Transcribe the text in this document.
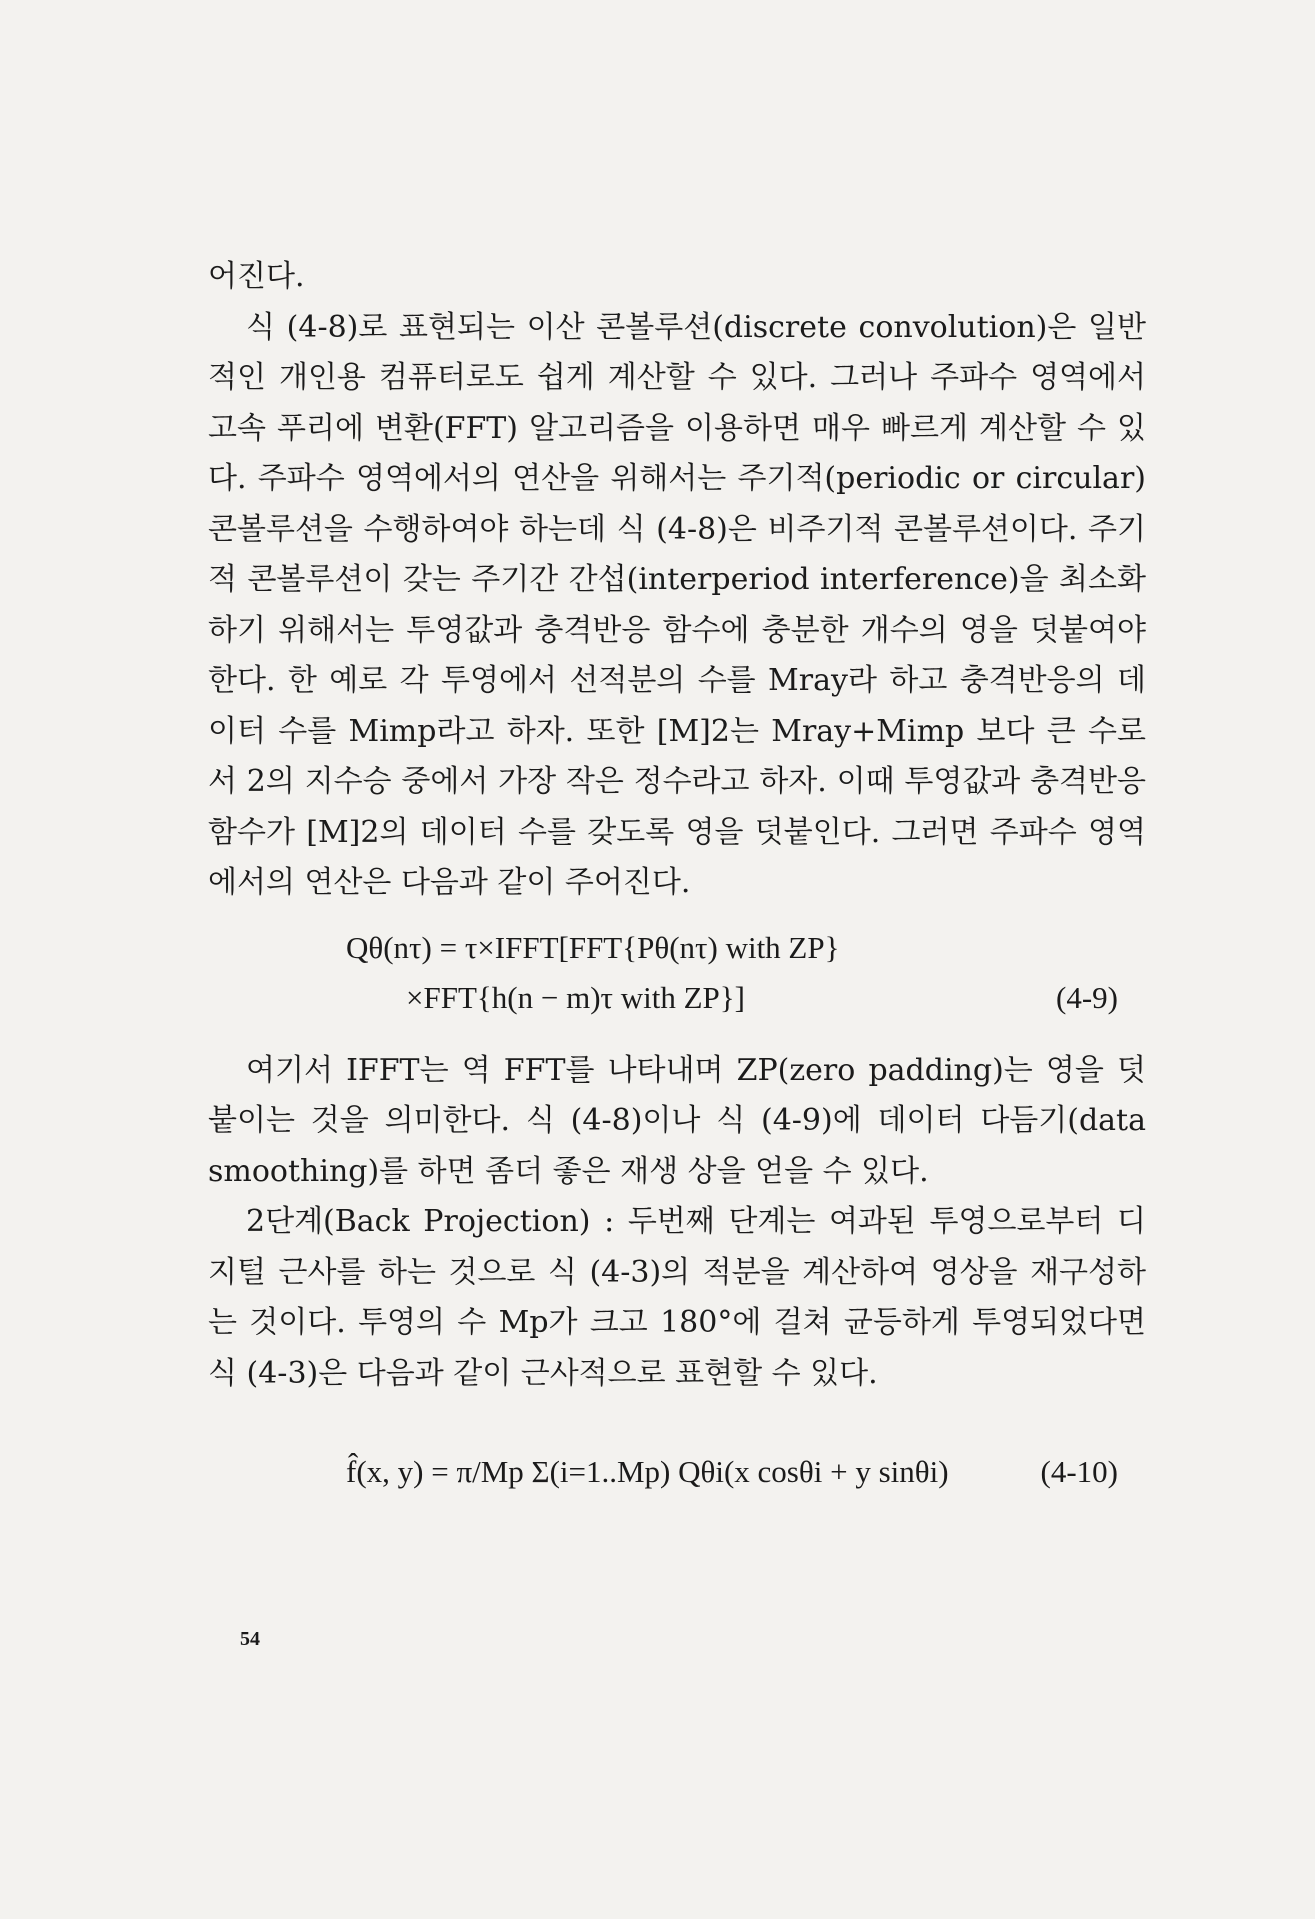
어진다.

식 (4-8)로 표현되는 이산 콘볼루션(discrete convolution)은 일반적인 개인용 컴퓨터로도 쉽게 계산할 수 있다. 그러나 주파수 영역에서 고속 푸리에 변환(FFT) 알고리즘을 이용하면 매우 빠르게 계산할 수 있다. 주파수 영역에서의 연산을 위해서는 주기적(periodic or circular) 콘볼루션을 수행하여야 하는데 식 (4-8)은 비주기적 콘볼루션이다. 주기적 콘볼루션이 갖는 주기간 간섭(interperiod interference)을 최소화하기 위해서는 투영값과 충격반응 함수에 충분한 개수의 영을 덧붙여야 한다. 한 예로 각 투영에서 선적분의 수를 Mray라 하고 충격반응의 데이터 수를 Mimp라고 하자. 또한 [M]2는 Mray+Mimp 보다 큰 수로서 2의 지수승 중에서 가장 작은 정수라고 하자. 이때 투영값과 충격반응 함수가 [M]2의 데이터 수를 갖도록 영을 덧붙인다. 그러면 주파수 영역에서의 연산은 다음과 같이 주어진다.

Qθ(nτ) = τ×IFFT[FFT{Pθ(nτ) with ZP}
×FFT{h(n − m)τ with ZP}]	(4-9)

여기서 IFFT는 역 FFT를 나타내며 ZP(zero padding)는 영을 덧붙이는 것을 의미한다. 식 (4-8)이나 식 (4-9)에 데이터 다듬기(data smoothing)를 하면 좀더 좋은 재생 상을 얻을 수 있다.

2단계(Back Projection) : 두번째 단계는 여과된 투영으로부터 디지털 근사를 하는 것으로 식 (4-3)의 적분을 계산하여 영상을 재구성하는 것이다. 투영의 수 Mp가 크고 180°에 걸쳐 균등하게 투영되었다면 식 (4-3)은 다음과 같이 근사적으로 표현할 수 있다.

f̂(x, y) = π/Mp Σ(i=1..Mp) Qθi(x cosθi + y sinθi)	(4-10)
54
